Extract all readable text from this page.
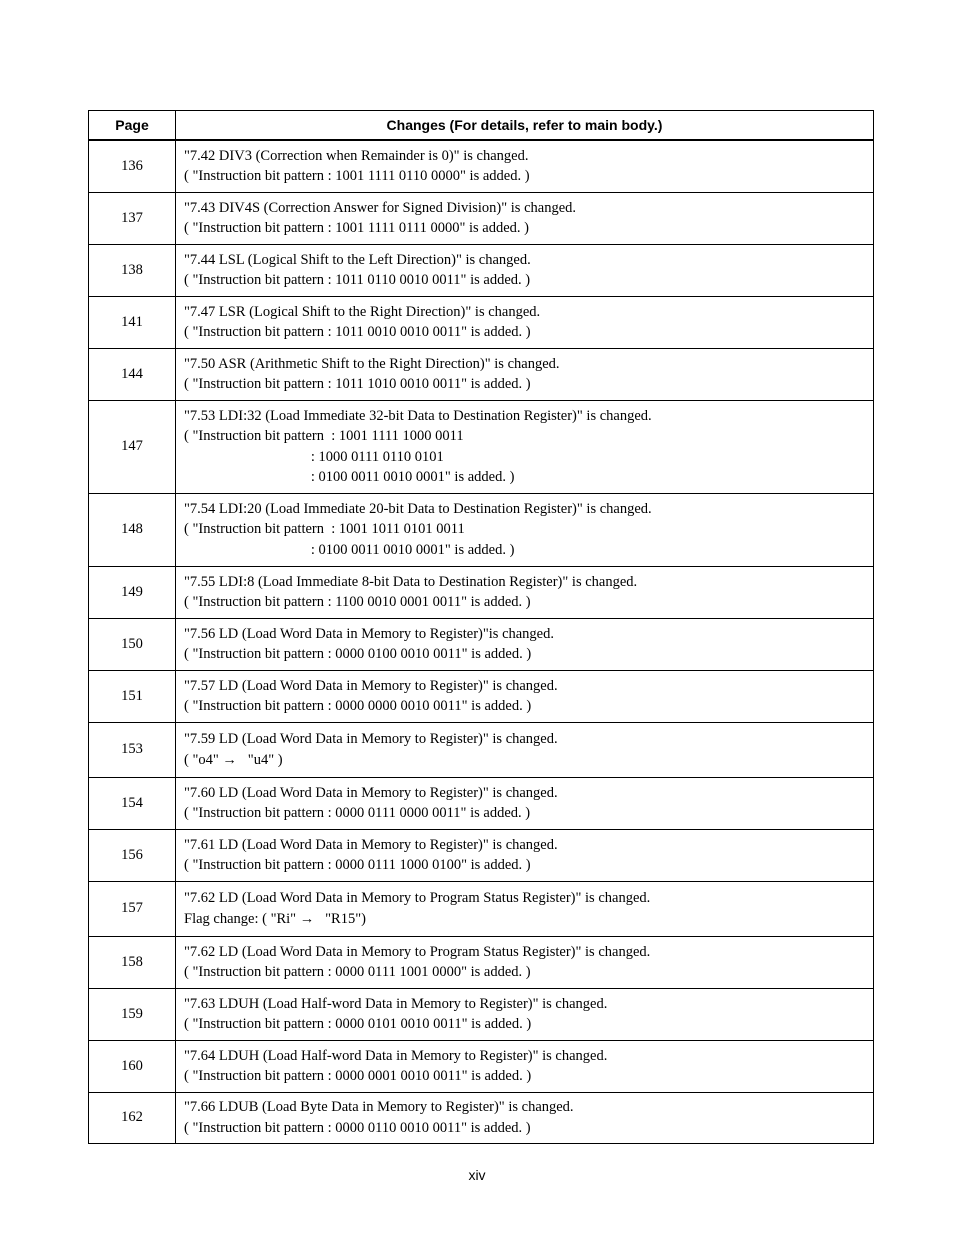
Page	Changes (For details, refer to main body.)
136	"7.42 DIV3 (Correction when Remainder is 0)" is changed.
( "Instruction bit pattern : 1001 1111 0110 0000" is added. )

137	"7.43 DIV4S (Correction Answer for Signed Division)" is changed.
( "Instruction bit pattern : 1001 1111 0111 0000" is added. )

138	"7.44 LSL (Logical Shift to the Left Direction)" is changed.
( "Instruction bit pattern : 1011 0110 0010 0011" is added. )

141	"7.47 LSR (Logical Shift to the Right Direction)" is changed.
( "Instruction bit pattern : 1011 0010 0010 0011" is added. )

144	"7.50 ASR (Arithmetic Shift to the Right Direction)" is changed.
( "Instruction bit pattern : 1011 1010 0010 0011" is added. )

147	"7.53 LDI:32 (Load Immediate 32-bit Data to Destination Register)" is changed.
( "Instruction bit pattern  : 1001 1111 1000 0011
: 1000 0111 0110 0101
: 0100 0011 0010 0001" is added. )

148	"7.54 LDI:20 (Load Immediate 20-bit Data to Destination Register)" is changed.
( "Instruction bit pattern  : 1001 1011 0101 0011
: 0100 0011 0010 0001" is added. )

149	"7.55 LDI:8 (Load Immediate 8-bit Data to Destination Register)" is changed.
( "Instruction bit pattern : 1100 0010 0001 0011" is added. )

150	"7.56 LD (Load Word Data in Memory to Register)"is changed.
( "Instruction bit pattern : 0000 0100 0010 0011" is added. )

151	"7.57 LD (Load Word Data in Memory to Register)" is changed.
( "Instruction bit pattern : 0000 0000 0010 0011" is added. )

153	"7.59 LD (Load Word Data in Memory to Register)" is changed.
( "o4" →   "u4" )

154	"7.60 LD (Load Word Data in Memory to Register)" is changed.
( "Instruction bit pattern : 0000 0111 0000 0011" is added. )

156	"7.61 LD (Load Word Data in Memory to Register)" is changed.
( "Instruction bit pattern : 0000 0111 1000 0100" is added. )

157	"7.62 LD (Load Word Data in Memory to Program Status Register)" is changed.
Flag change: ( "Ri" →   "R15")

158	"7.62 LD (Load Word Data in Memory to Program Status Register)" is changed.
( "Instruction bit pattern : 0000 0111 1001 0000" is added. )

159	"7.63 LDUH (Load Half-word Data in Memory to Register)" is changed.
( "Instruction bit pattern : 0000 0101 0010 0011" is added. )

160	"7.64 LDUH (Load Half-word Data in Memory to Register)" is changed.
( "Instruction bit pattern : 0000 0001 0010 0011" is added. )

162	"7.66 LDUB (Load Byte Data in Memory to Register)" is changed.
( "Instruction bit pattern : 0000 0110 0010 0011" is added. )
xiv
